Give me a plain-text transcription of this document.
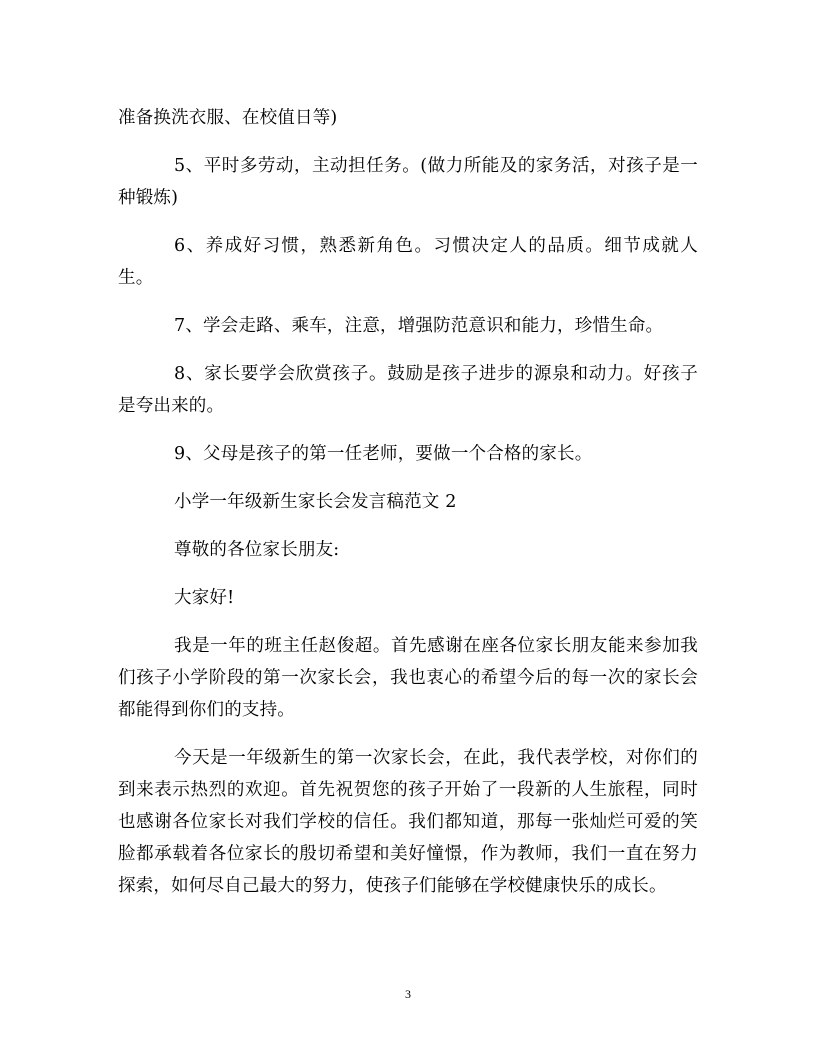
准备换洗衣服、在校值日等)

5、平时多劳动，主动担任务。(做力所能及的家务活，对孩子是一种锻炼)

6、养成好习惯，熟悉新角色。习惯决定人的品质。细节成就人生。

7、学会走路、乘车，注意，增强防范意识和能力，珍惜生命。

8、家长要学会欣赏孩子。鼓励是孩子进步的源泉和动力。好孩子是夸出来的。

9、父母是孩子的第一任老师，要做一个合格的家长。

小学一年级新生家长会发言稿范文 2

尊敬的各位家长朋友:

大家好!

我是一年的班主任赵俊超。首先感谢在座各位家长朋友能来参加我们孩子小学阶段的第一次家长会，我也衷心的希望今后的每一次的家长会都能得到你们的支持。

今天是一年级新生的第一次家长会，在此，我代表学校，对你们的到来表示热烈的欢迎。首先祝贺您的孩子开始了一段新的人生旅程，同时也感谢各位家长对我们学校的信任。我们都知道，那每一张灿烂可爱的笑脸都承载着各位家长的殷切希望和美好憧憬，作为教师，我们一直在努力探索，如何尽自己最大的努力，使孩子们能够在学校健康快乐的成长。

3
